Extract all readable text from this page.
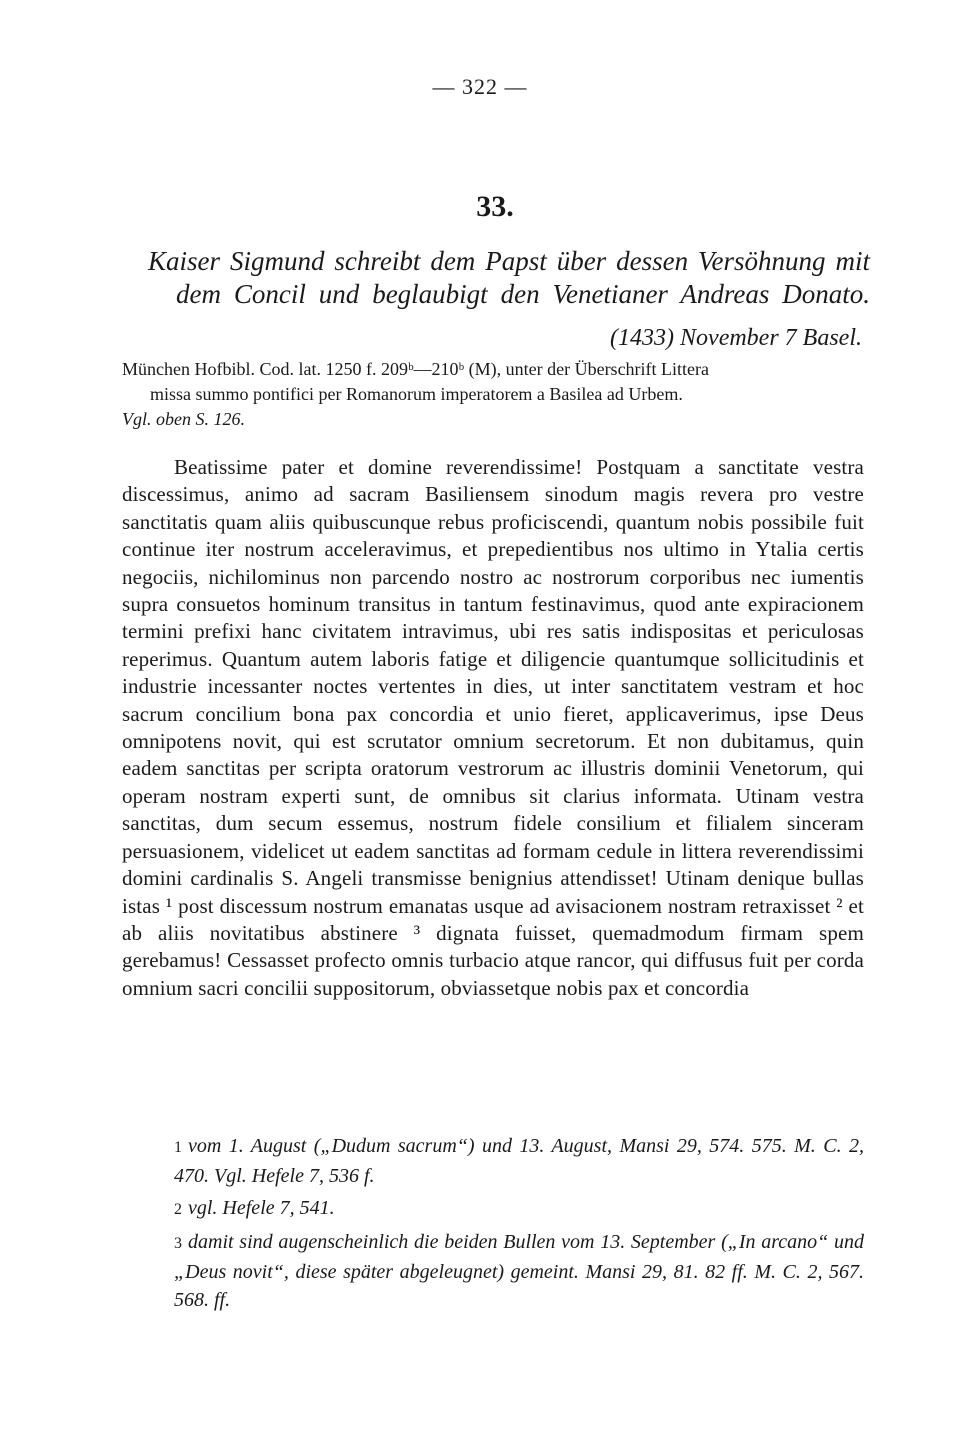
— 322 —
33.
Kaiser Sigmund schreibt dem Papst über dessen Versöhnung mit
dem Concil und beglaubigt den Venetianer Andreas Donato.
(1433) November 7 Basel.
München Hofbibl. Cod. lat. 1250 f. 209ᵇ—210ᵇ (M), unter der Überschrift Littera
missa summo pontifici per Romanorum imperatorem a Basilea ad Urbem.
Vgl. oben S. 126.

Beatissime pater et domine reverendissime! Postquam a sanctitate vestra discessimus, animo ad sacram Basiliensem sinodum magis revera pro vestre sanctitatis quam aliis quibuscunque rebus proficiscendi, quantum nobis possibile fuit continue iter nostrum acceleravimus, et prepedientibus nos ultimo in Ytalia certis negociis, nichilominus non parcendo nostro ac nostrorum corporibus nec iumentis supra consuetos hominum transitus in tantum festinavimus, quod ante expiracionem termini prefixi hanc civitatem intravimus, ubi res satis indispositas et periculosas reperimus. Quantum autem laboris fatige et diligencie quantumque sollicitudinis et industrie incessanter noctes vertentes in dies, ut inter sanctitatem vestram et hoc sacrum concilium bona pax concordia et unio fieret, applicaverimus, ipse Deus omnipotens novit, qui est scrutator omnium secretorum. Et non dubitamus, quin eadem sanctitas per scripta oratorum vestrorum ac illustris dominii Venetorum, qui operam nostram experti sunt, de omnibus sit clarius informata. Utinam vestra sanctitas, dum secum essemus, nostrum fidele consilium et filialem sinceram persuasionem, videlicet ut eadem sanctitas ad formam cedule in littera reverendissimi domini cardinalis S. Angeli transmisse benignius attendisset! Utinam denique bullas istas ¹ post discessum nostrum emanatas usque ad avisacionem nostram retraxisset ² et ab aliis novitatibus abstinere ³ dignata fuisset, quemadmodum firmam spem gerebamus! Cessasset profecto omnis turbacio atque rancor, qui diffusus fuit per corda omnium sacri concilii suppositorum, obviassetque nobis pax et concordia

1 vom 1. August („Dudum sacrum“) und 13. August, Mansi 29, 574. 575. M. C. 2, 470. Vgl. Hefele 7, 536 f.
2 vgl. Hefele 7, 541.
3 damit sind augenscheinlich die beiden Bullen vom 13. September („In arcano“ und „Deus novit“, diese später abgeleugnet) gemeint. Mansi 29, 81. 82 ff. M. C. 2, 567. 568. ff.
